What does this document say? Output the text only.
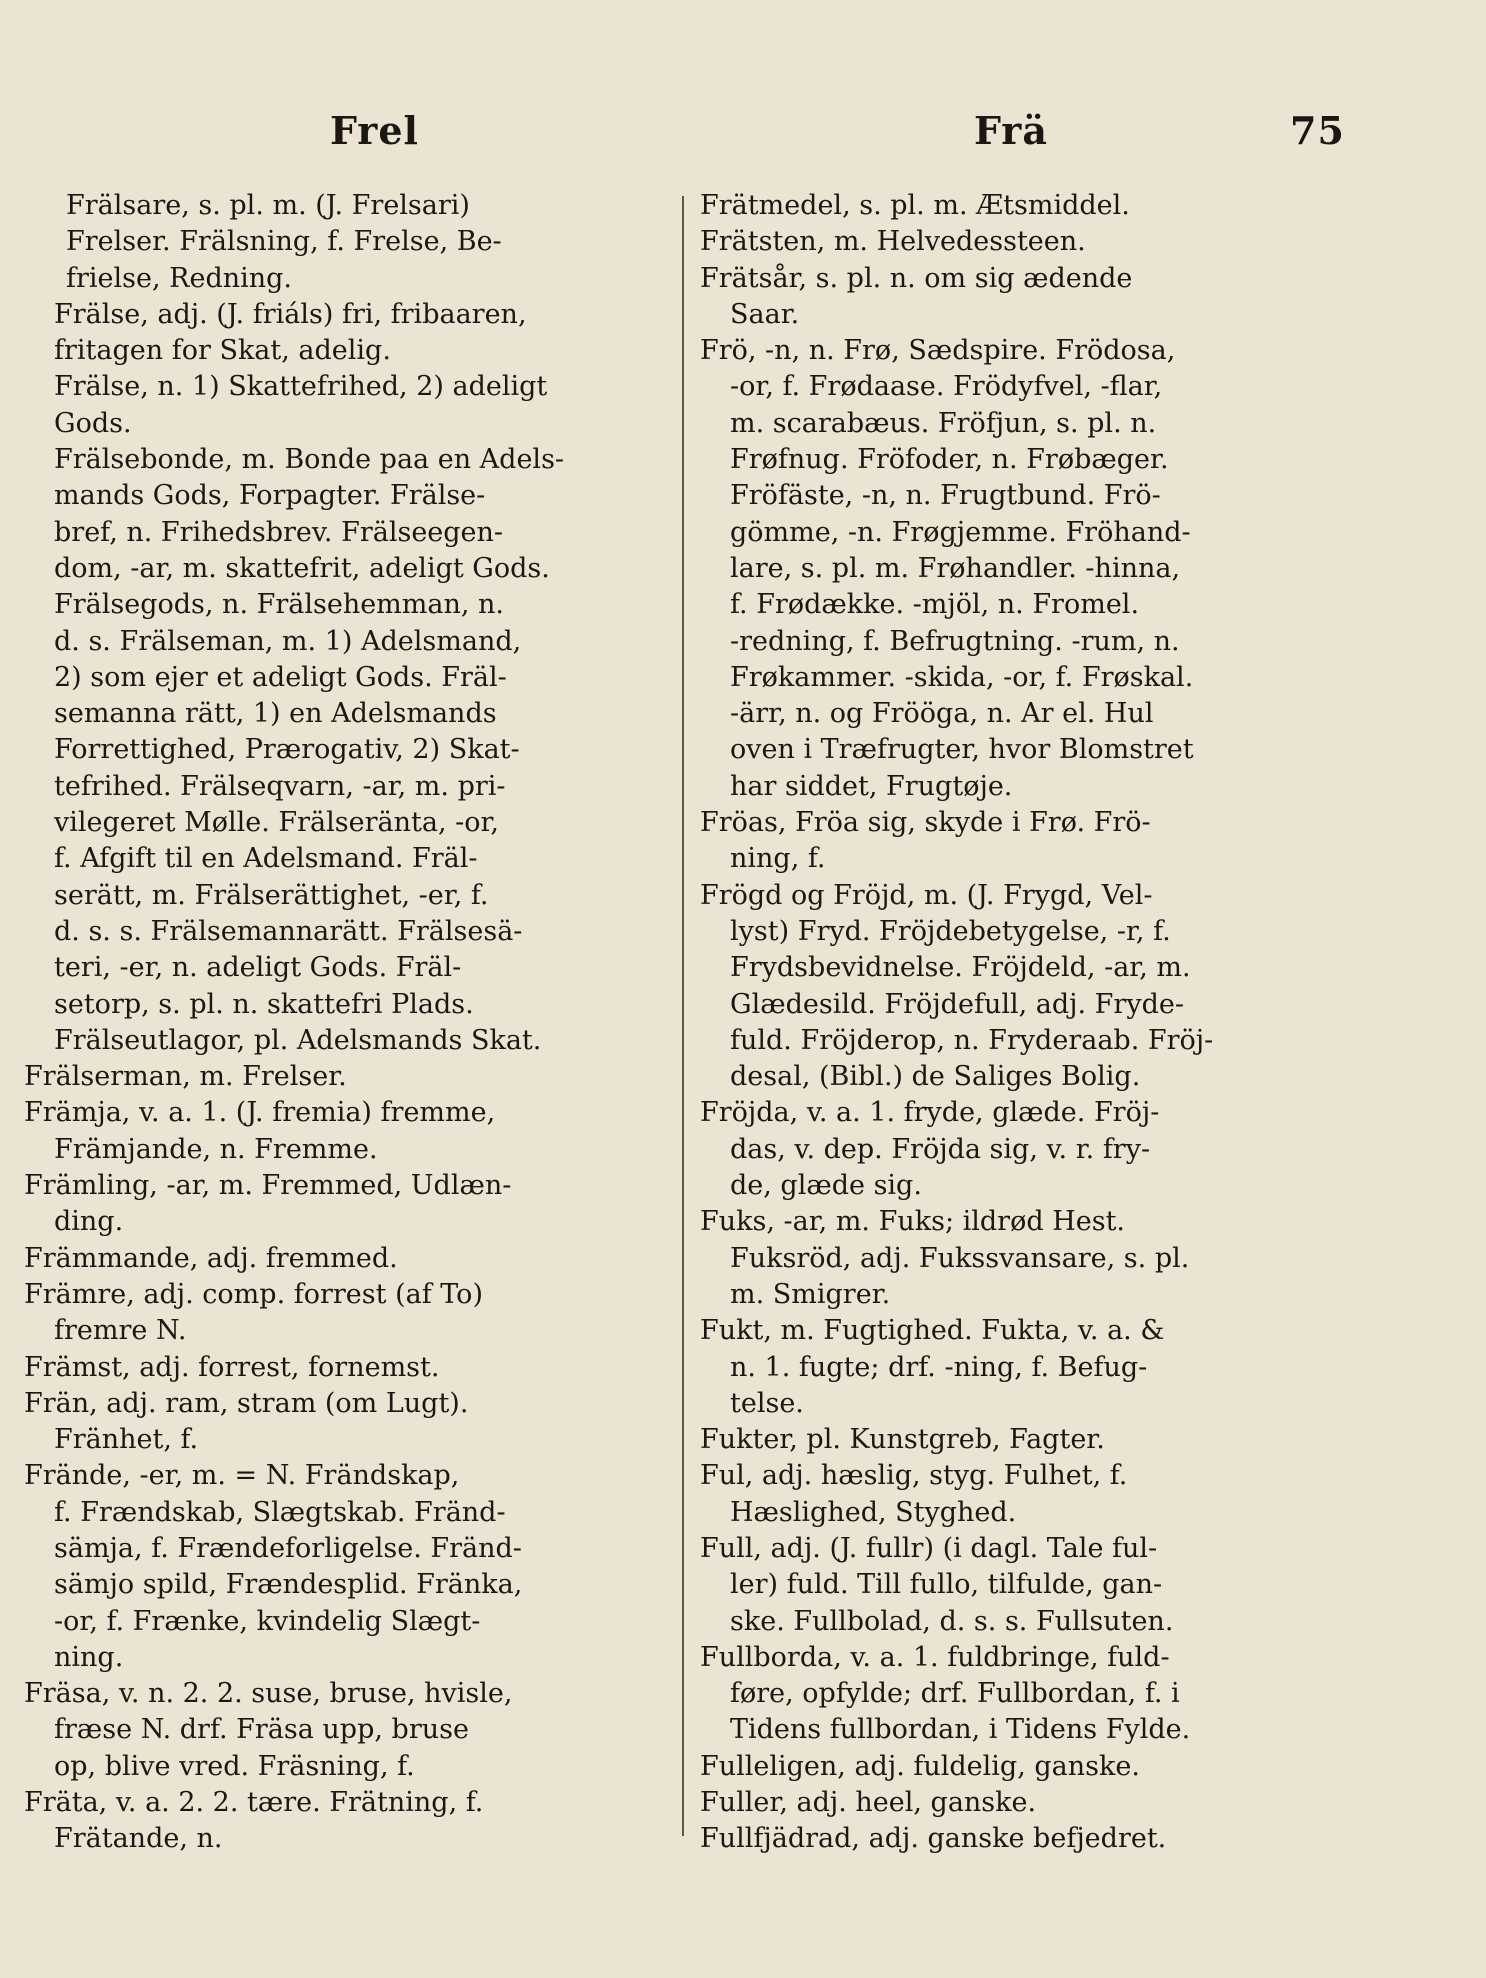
Frel	Frä	75
Frälsare, s. pl. m. (J. Frelsari)
Frelser. Frälsning, f. Frelse, Be-
frielse, Redning.
Frälse, adj. (J. friáls) fri, fribaaren,
fritagen for Skat, adelig.
Frälse, n. 1) Skattefrihed, 2) adeligt
Gods.
Frälsebonde, m. Bonde paa en Adels-
mands Gods, Forpagter. Frälse-
bref, n. Frihedsbrev. Frälseegen-
dom, -ar, m. skattefrit, adeligt Gods.
Frälsegods, n. Frälsehemman, n.
d. s. Frälseman, m. 1) Adelsmand,
2) som ejer et adeligt Gods. Fräl-
semanna rätt, 1) en Adelsmands
Forrettighed, Prærogativ, 2) Skat-
tefrihed. Frälseqvarn, -ar, m. pri-
vilegeret Mølle. Frälseränta, -or,
f. Afgift til en Adelsmand. Fräl-
serätt, m. Frälserättighet, -er, f.
d. s. s. Frälsemannarätt. Frälsesä-
teri, -er, n. adeligt Gods. Fräl-
setorp, s. pl. n. skattefri Plads.
Frälseutlagor, pl. Adelsmands Skat.
Frälserman, m. Frelser.
Främja, v. a. 1. (J. fremia) fremme,
Främjande, n. Fremme.
Främling, -ar, m. Fremmed, Udlæn-
ding.
Främmande, adj. fremmed.
Främre, adj. comp. forrest (af To)
fremre N.
Främst, adj. forrest, fornemst.
Frän, adj. ram, stram (om Lugt).
Fränhet, f.
Frände, -er, m. = N. Frändskap,
f. Frændskab, Slægtskab. Fränd-
sämja, f. Frændeforligelse. Fränd-
sämjo spild, Frændesplid. Fränka,
-or, f. Frænke, kvindelig Slægt-
ning.
Fräsa, v. n. 2. 2. suse, bruse, hvisle,
fræse N. drf. Fräsa upp, bruse
op, blive vred. Fräsning, f.
Fräta, v. a. 2. 2. tære. Frätning, f.
Frätande, n.
Frätmedel, s. pl. m. Ætsmiddel.
Frätsten, m. Helvedessteen.
Frätsår, s. pl. n. om sig ædende
Saar.
Frö, -n, n. Frø, Sædspire. Frödosa,
-or, f. Frødaase. Frödyfvel, -flar,
m. scarabæus. Fröfjun, s. pl. n.
Frøfnug. Fröfoder, n. Frøbæger.
Fröfäste, -n, n. Frugtbund. Frö-
gömme, -n. Frøgjemme. Fröhand-
lare, s. pl. m. Frøhandler. -hinna,
f. Frødække. -mjöl, n. Fromel.
-redning, f. Befrugtning. -rum, n.
Frøkammer. -skida, -or, f. Frøskal.
-ärr, n. og Frööga, n. Ar el. Hul
oven i Træfrugter, hvor Blomstret
har siddet, Frugtøje.
Fröas, Fröa sig, skyde i Frø. Frö-
ning, f.
Frögd og Fröjd, m. (J. Frygd, Vel-
lyst) Fryd. Fröjdebetygelse, -r, f.
Frydsbevidnelse. Fröjdeld, -ar, m.
Glædesild. Fröjdefull, adj. Fryde-
fuld. Fröjderop, n. Fryderaab. Fröj-
desal, (Bibl.) de Saliges Bolig.
Fröjda, v. a. 1. fryde, glæde. Fröj-
das, v. dep. Fröjda sig, v. r. fry-
de, glæde sig.
Fuks, -ar, m. Fuks; ildrød Hest.
Fuksröd, adj. Fukssvansare, s. pl.
m. Smigrer.
Fukt, m. Fugtighed. Fukta, v. a. &
n. 1. fugte; drf. -ning, f. Befug-
telse.
Fukter, pl. Kunstgreb, Fagter.
Ful, adj. hæslig, styg. Fulhet, f.
Hæslighed, Styghed.
Full, adj. (J. fullr) (i dagl. Tale ful-
ler) fuld. Till fullo, tilfulde, gan-
ske. Fullbolad, d. s. s. Fullsuten.
Fullborda, v. a. 1. fuldbringe, fuld-
føre, opfylde; drf. Fullbordan, f. i
Tidens fullbordan, i Tidens Fylde.
Fulleligen, adj. fuldelig, ganske.
Fuller, adj. heel, ganske.
Fullfjädrad, adj. ganske befjedret.
